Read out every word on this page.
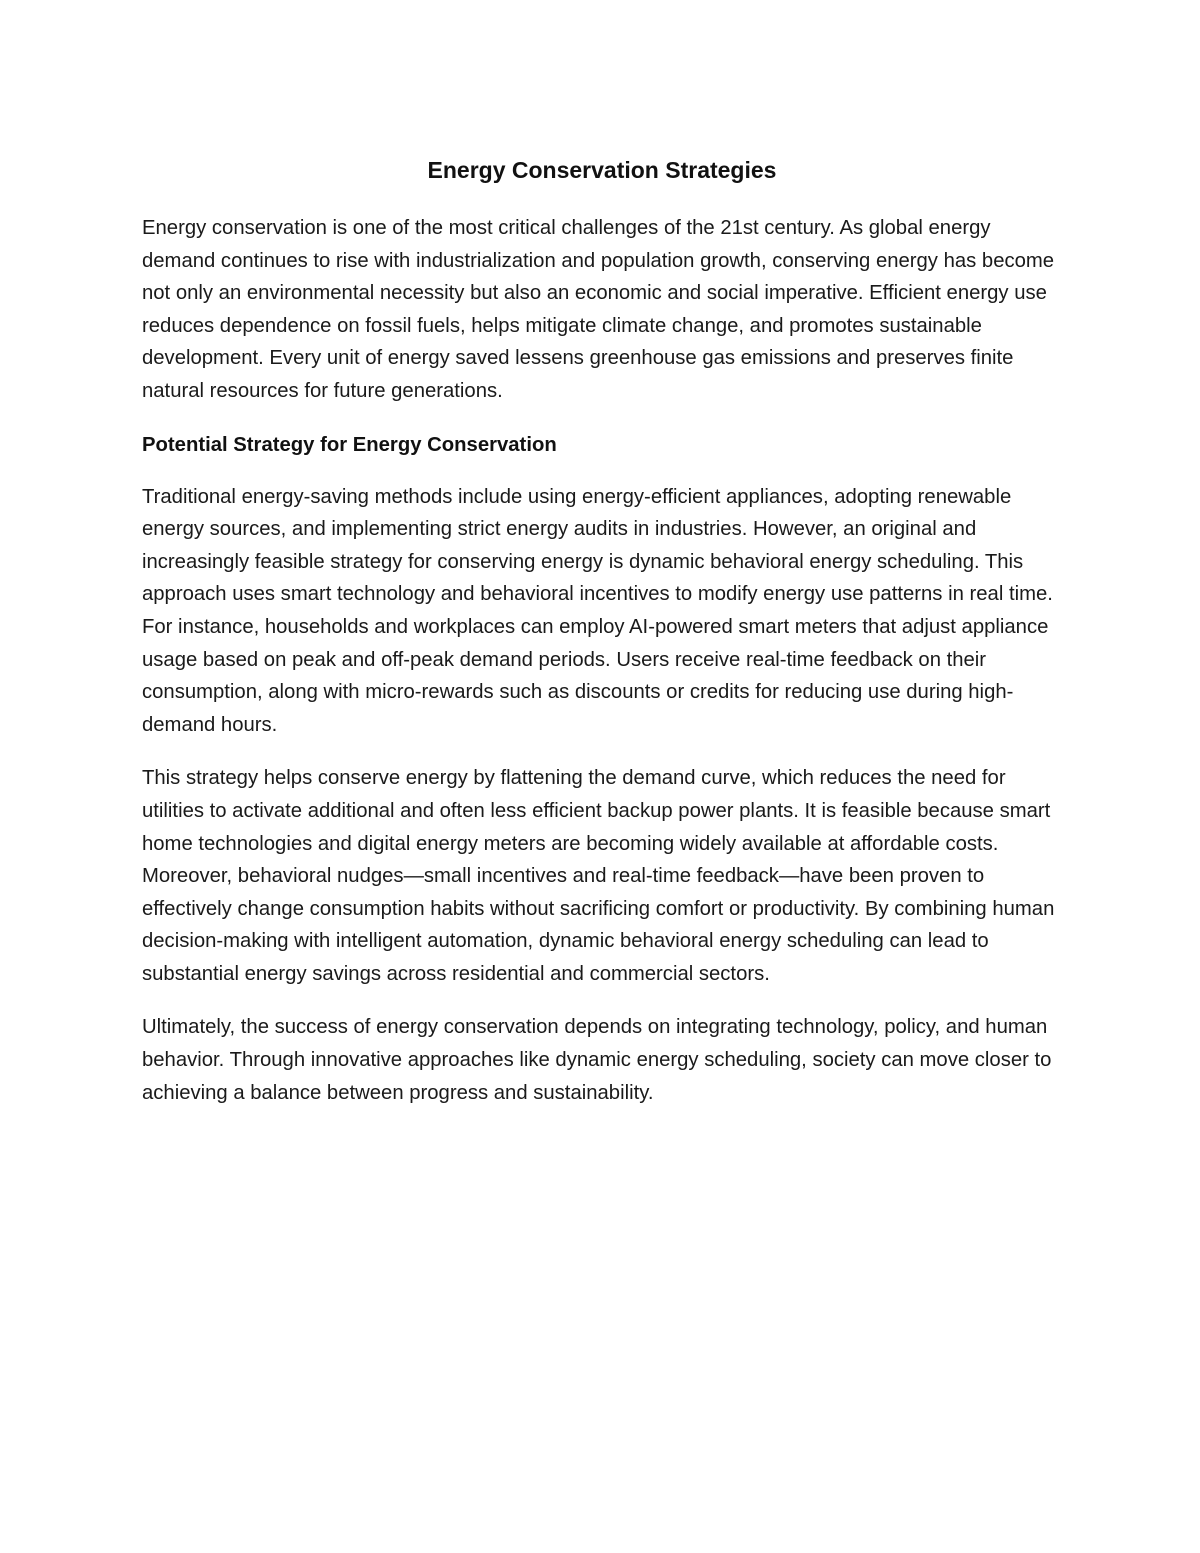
Energy Conservation Strategies

Energy conservation is one of the most critical challenges of the 21st century. As global energy demand continues to rise with industrialization and population growth, conserving energy has become not only an environmental necessity but also an economic and social imperative. Efficient energy use reduces dependence on fossil fuels, helps mitigate climate change, and promotes sustainable development. Every unit of energy saved lessens greenhouse gas emissions and preserves finite natural resources for future generations.

Potential Strategy for Energy Conservation

Traditional energy-saving methods include using energy-efficient appliances, adopting renewable energy sources, and implementing strict energy audits in industries. However, an original and increasingly feasible strategy for conserving energy is dynamic behavioral energy scheduling. This approach uses smart technology and behavioral incentives to modify energy use patterns in real time. For instance, households and workplaces can employ AI-powered smart meters that adjust appliance usage based on peak and off-peak demand periods. Users receive real-time feedback on their consumption, along with micro-rewards such as discounts or credits for reducing use during high-demand hours.

This strategy helps conserve energy by flattening the demand curve, which reduces the need for utilities to activate additional and often less efficient backup power plants. It is feasible because smart home technologies and digital energy meters are becoming widely available at affordable costs. Moreover, behavioral nudges—small incentives and real-time feedback—have been proven to effectively change consumption habits without sacrificing comfort or productivity. By combining human decision-making with intelligent automation, dynamic behavioral energy scheduling can lead to substantial energy savings across residential and commercial sectors.

Ultimately, the success of energy conservation depends on integrating technology, policy, and human behavior. Through innovative approaches like dynamic energy scheduling, society can move closer to achieving a balance between progress and sustainability.
